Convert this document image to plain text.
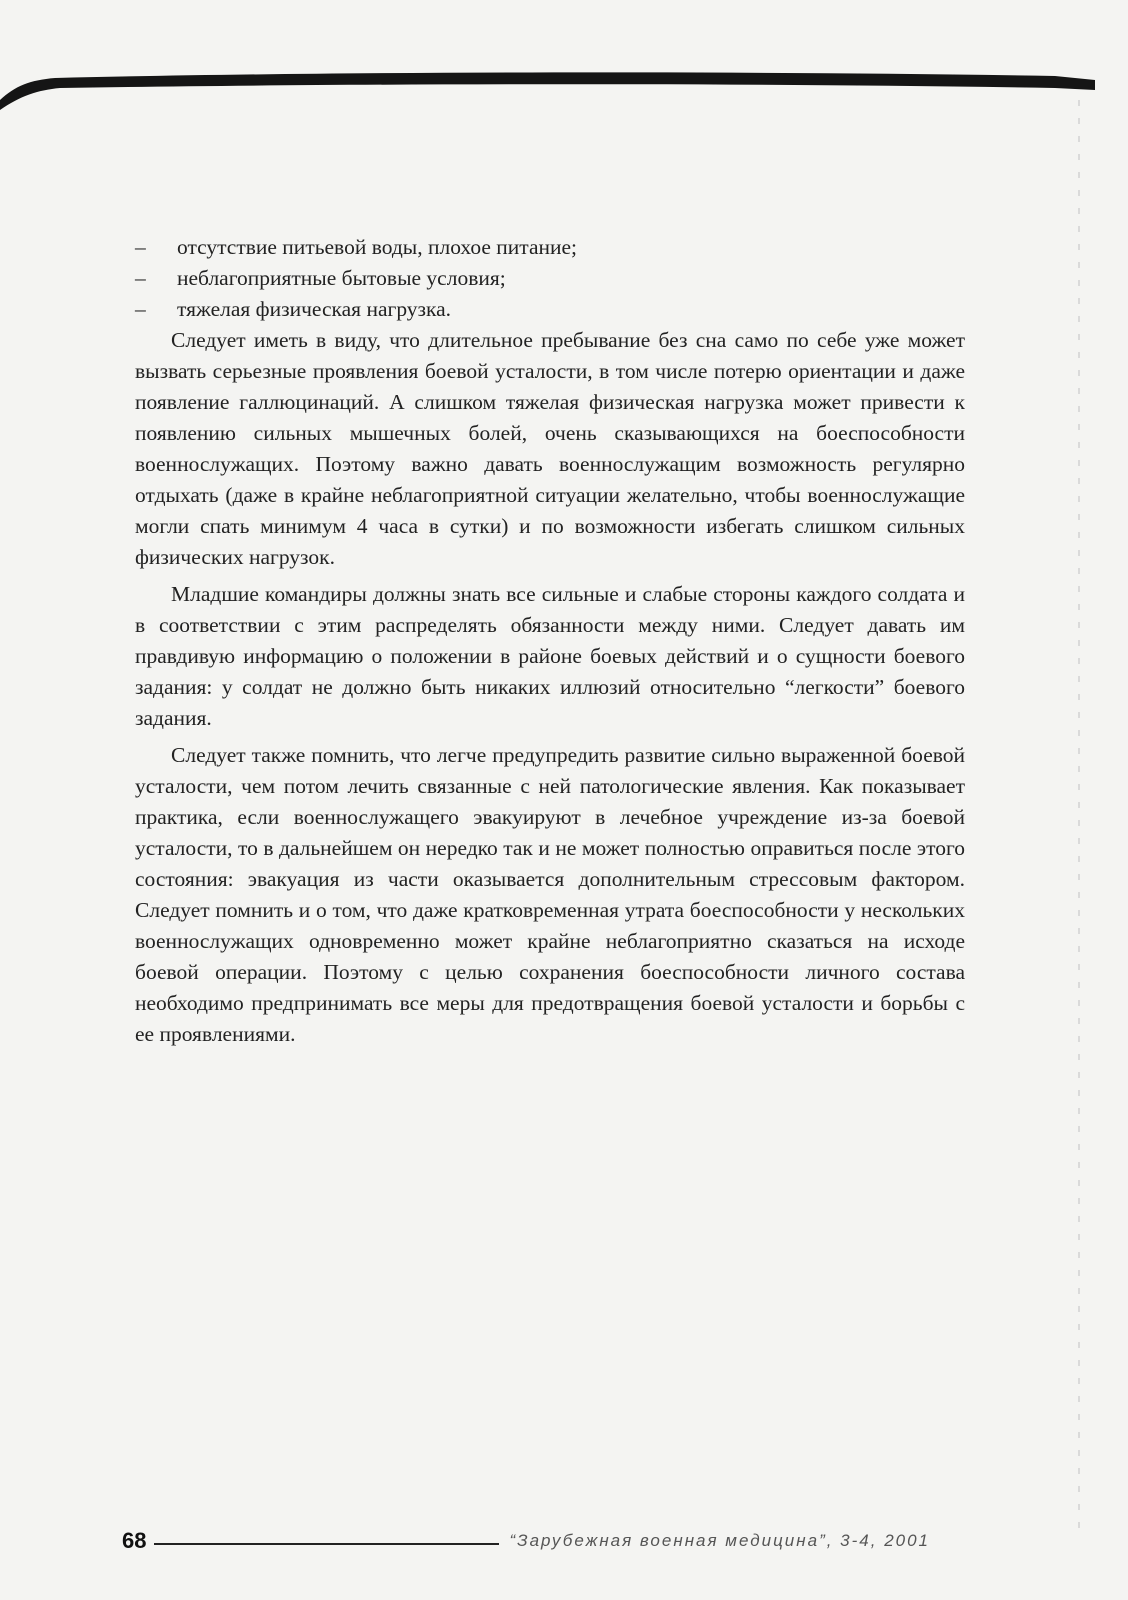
–	отсутствие питьевой воды, плохое питание;
–	неблагоприятные бытовые условия;
–	тяжелая физическая нагрузка.

Следует иметь в виду, что длительное пребывание без сна само по себе уже может вызвать серьезные проявления боевой усталости, в том числе потерю ориентации и даже появление галлюцинаций. А слишком тяжелая физическая нагрузка может привести к появлению сильных мышечных болей, очень сказывающихся на боеспособности военнослужащих. Поэтому важно давать военнослужащим возможность регулярно отдыхать (даже в крайне неблагоприятной ситуации желательно, чтобы военнослужащие могли спать минимум 4 часа в сутки) и по возможности избегать слишком сильных физических нагрузок.

Младшие командиры должны знать все сильные и слабые стороны каждого солдата и в соответствии с этим распределять обязанности между ними. Следует давать им правдивую информацию о положении в районе боевых действий и о сущности боевого задания: у солдат не должно быть никаких иллюзий относительно “легкости” боевого задания.

Следует также помнить, что легче предупредить развитие сильно выраженной боевой усталости, чем потом лечить связанные с ней патологические явления. Как показывает практика, если военнослужащего эвакуируют в лечебное учреждение из-за боевой усталости, то в дальнейшем он нередко так и не может полностью оправиться после этого состояния: эвакуация из части оказывается дополнительным стрессовым фактором. Следует помнить и о том, что даже кратковременная утрата боеспособности у нескольких военнослужащих одновременно может крайне неблагоприятно сказаться на исходе боевой операции. Поэтому с целью сохранения боеспособности личного состава необходимо предпринимать все меры для предотвращения боевой усталости и борьбы с ее проявлениями.

68	“Зарубежная военная медицина”, 3-4, 2001
